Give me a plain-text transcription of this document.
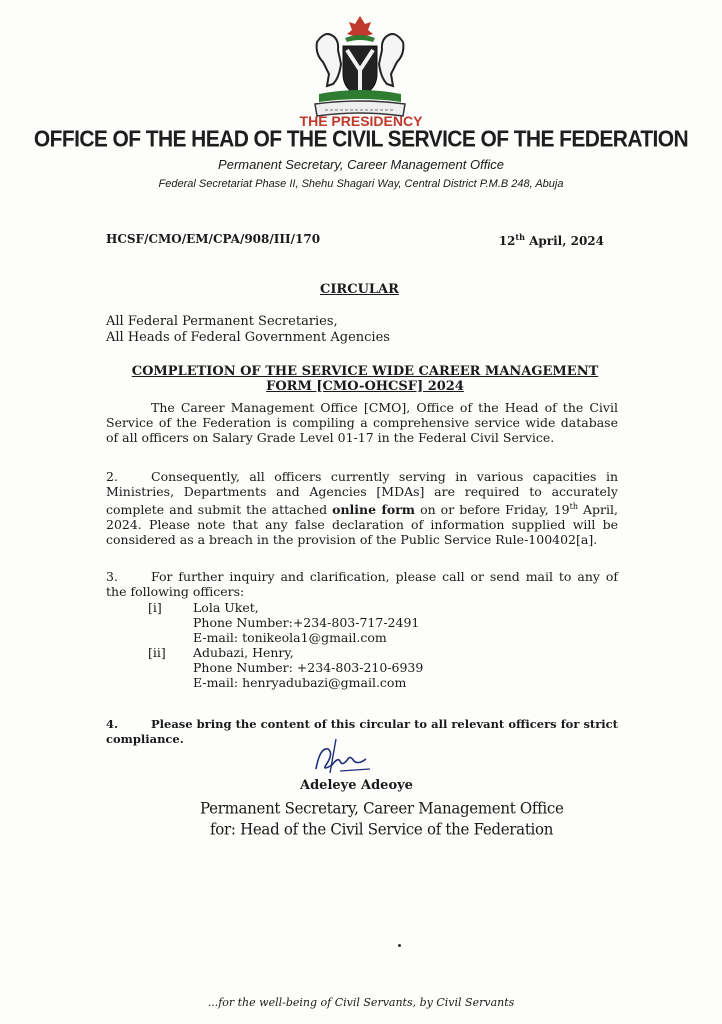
THE PRESIDENCY
OFFICE OF THE HEAD OF THE CIVIL SERVICE OF THE FEDERATION
Permanent Secretary, Career Management Office
Federal Secretariat Phase II, Shehu Shagari Way, Central District P.M.B 248, Abuja
HCSF/CMO/EM/CPA/908/III/170	12th April, 2024
CIRCULAR
All Federal Permanent Secretaries,
All Heads of Federal Government Agencies
COMPLETION OF THE SERVICE WIDE CAREER MANAGEMENT
FORM [CMO-OHCSF] 2024
The Career Management Office [CMO], Office of the Head of the Civil Service of the Federation is compiling a comprehensive service wide database of all officers on Salary Grade Level 01-17 in the Federal Civil Service.
2.	Consequently, all officers currently serving in various capacities in Ministries, Departments and Agencies [MDAs] are required to accurately complete and submit the attached online form on or before Friday, 19th April, 2024. Please note that any false declaration of information supplied will be considered as a breach in the provision of the Public Service Rule-100402[a].
3.	For further inquiry and clarification, please call or send mail to any of the following officers:
[i]	Lola Uket,
Phone Number:+234-803-717-2491
E-mail: tonikeola1@gmail.com
[ii]	Adubazi, Henry,
Phone Number: +234-803-210-6939
E-mail: henryadubazi@gmail.com
4.	Please bring the content of this circular to all relevant officers for strict compliance.
Adeleye Adeoye
Permanent Secretary, Career Management Office
for: Head of the Civil Service of the Federation
...for the well-being of Civil Servants, by Civil Servants
